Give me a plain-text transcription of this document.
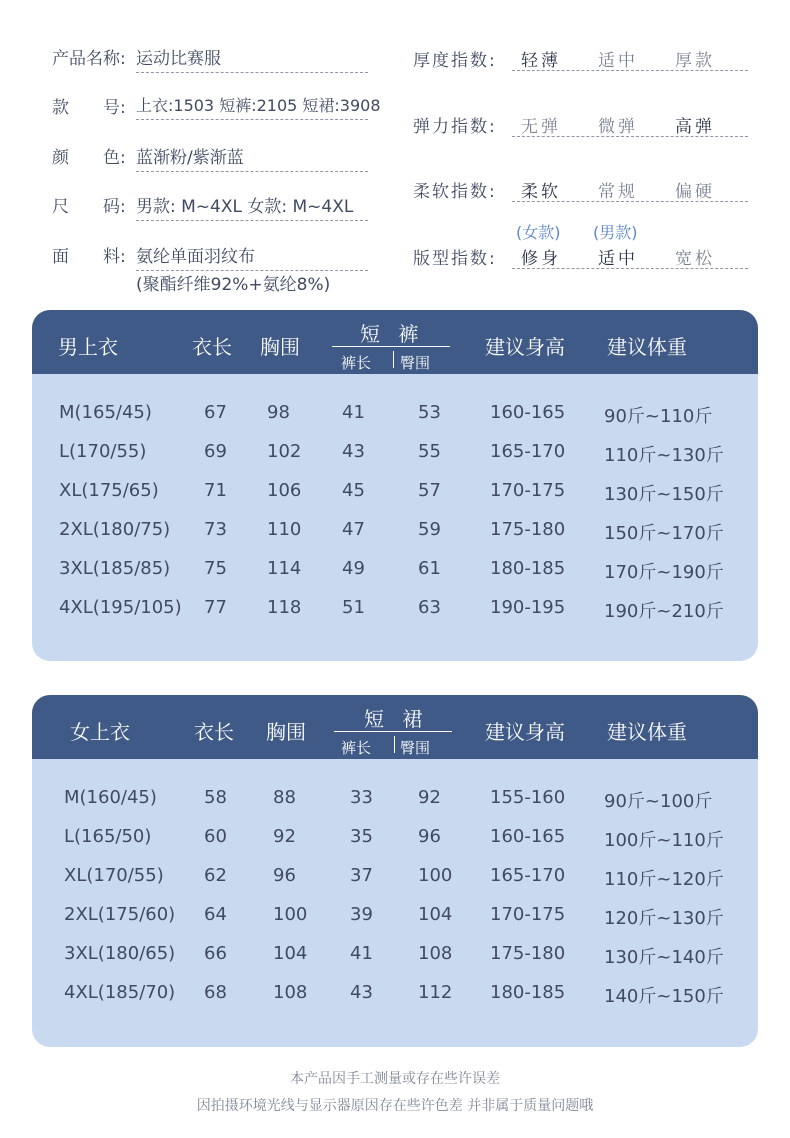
产品名称: 运动比赛服
款　　号: 上衣:1503 短裤:2105 短裙:3908
颜　　色: 蓝渐粉/紫渐蓝
尺　　码: 男款: M~4XL 女款: M~4XL
面　　料: 氨纶单面羽纹布
(聚酯纤维92%+氨纶8%)
厚度指数: 轻薄 适中 厚款
弹力指数: 无弹 微弹 高弹
柔软指数: 柔软 常规 偏硬
(女款) (男款)
版型指数: 修身 适中 宽松
男上衣	衣长 胸围
短 裤
裤长 臀围
建议身高 建议体重
M(165/45)	67 98	41	53	160-165 90斤~110斤
L(170/55)	69 102 43	55	165-170 110斤~130斤
XL(175/65)	71 106 45	57	170-175 130斤~150斤
2XL(180/75) 73 110 47	59	175-180 150斤~170斤
3XL(185/85) 75 114 49	61	180-185 170斤~190斤
4XL(195/105) 77 118 51	63	190-195 190斤~210斤
女上衣	衣长 胸围
短 裙
裤长 臀围
建议身高 建议体重
M(160/45)	58	88	33	92	155-160 90斤~100斤
L(165/50)	60	92	35	96	160-165 100斤~110斤
XL(170/55) 62	96	37	100 165-170 110斤~120斤
2XL(175/60) 64	100 39	104 170-175 120斤~130斤
3XL(180/65) 66	104 41	108 175-180 130斤~140斤
4XL(185/70) 68	108 43	112 180-185 140斤~150斤
本产品因手工测量或存在些许误差
因拍摄环境光线与显示器原因存在些许色差 并非属于质量问题哦
